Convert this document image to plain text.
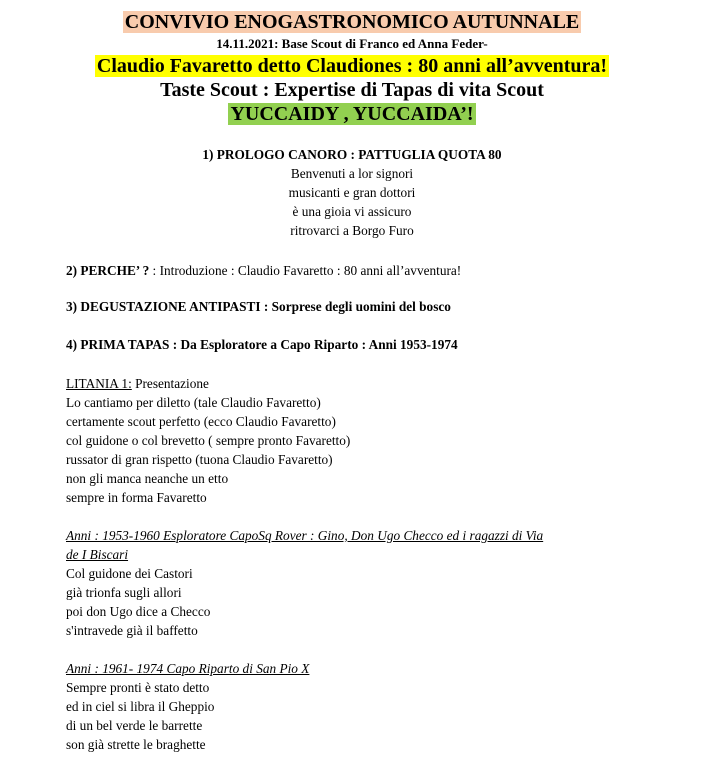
CONVIVIO ENOGASTRONOMICO AUTUNNALE
14.11.2021: Base Scout di Franco ed Anna Feder-
Claudio Favaretto detto Claudiones : 80 anni all’avventura!
Taste Scout : Expertise di Tapas di vita Scout
YUCCAIDY , YUCCAIDA’!
1) PROLOGO CANORO : PATTUGLIA QUOTA 80
Benvenuti a lor signori
musicanti e gran dottori
è una gioia vi assicuro
ritrovarci a Borgo Furo
2) PERCHE’ ? : Introduzione : Claudio Favaretto : 80 anni all’avventura!
3) DEGUSTAZIONE ANTIPASTI : Sorprese degli uomini del bosco
4) PRIMA TAPAS : Da Esploratore a Capo Riparto : Anni 1953-1974
LITANIA 1: Presentazione
Lo cantiamo per diletto (tale Claudio Favaretto)
certamente scout perfetto (ecco Claudio Favaretto)
col guidone o col brevetto ( sempre pronto Favaretto)
russator di gran rispetto (tuona Claudio Favaretto)
non gli manca neanche un etto
sempre in forma Favaretto
Anni : 1953-1960 Esploratore CapoSq Rover : Gino, Don Ugo Checco ed i ragazzi di Via
de I Biscari
Col guidone dei Castori
già trionfa sugli allori
poi don Ugo dice a Checco
s'intravede già il baffetto
Anni : 1961- 1974 Capo Riparto di San Pio X
Sempre pronti è stato detto
ed in ciel si libra il Gheppio
di un bel verde le barrette
son già strette le braghette
